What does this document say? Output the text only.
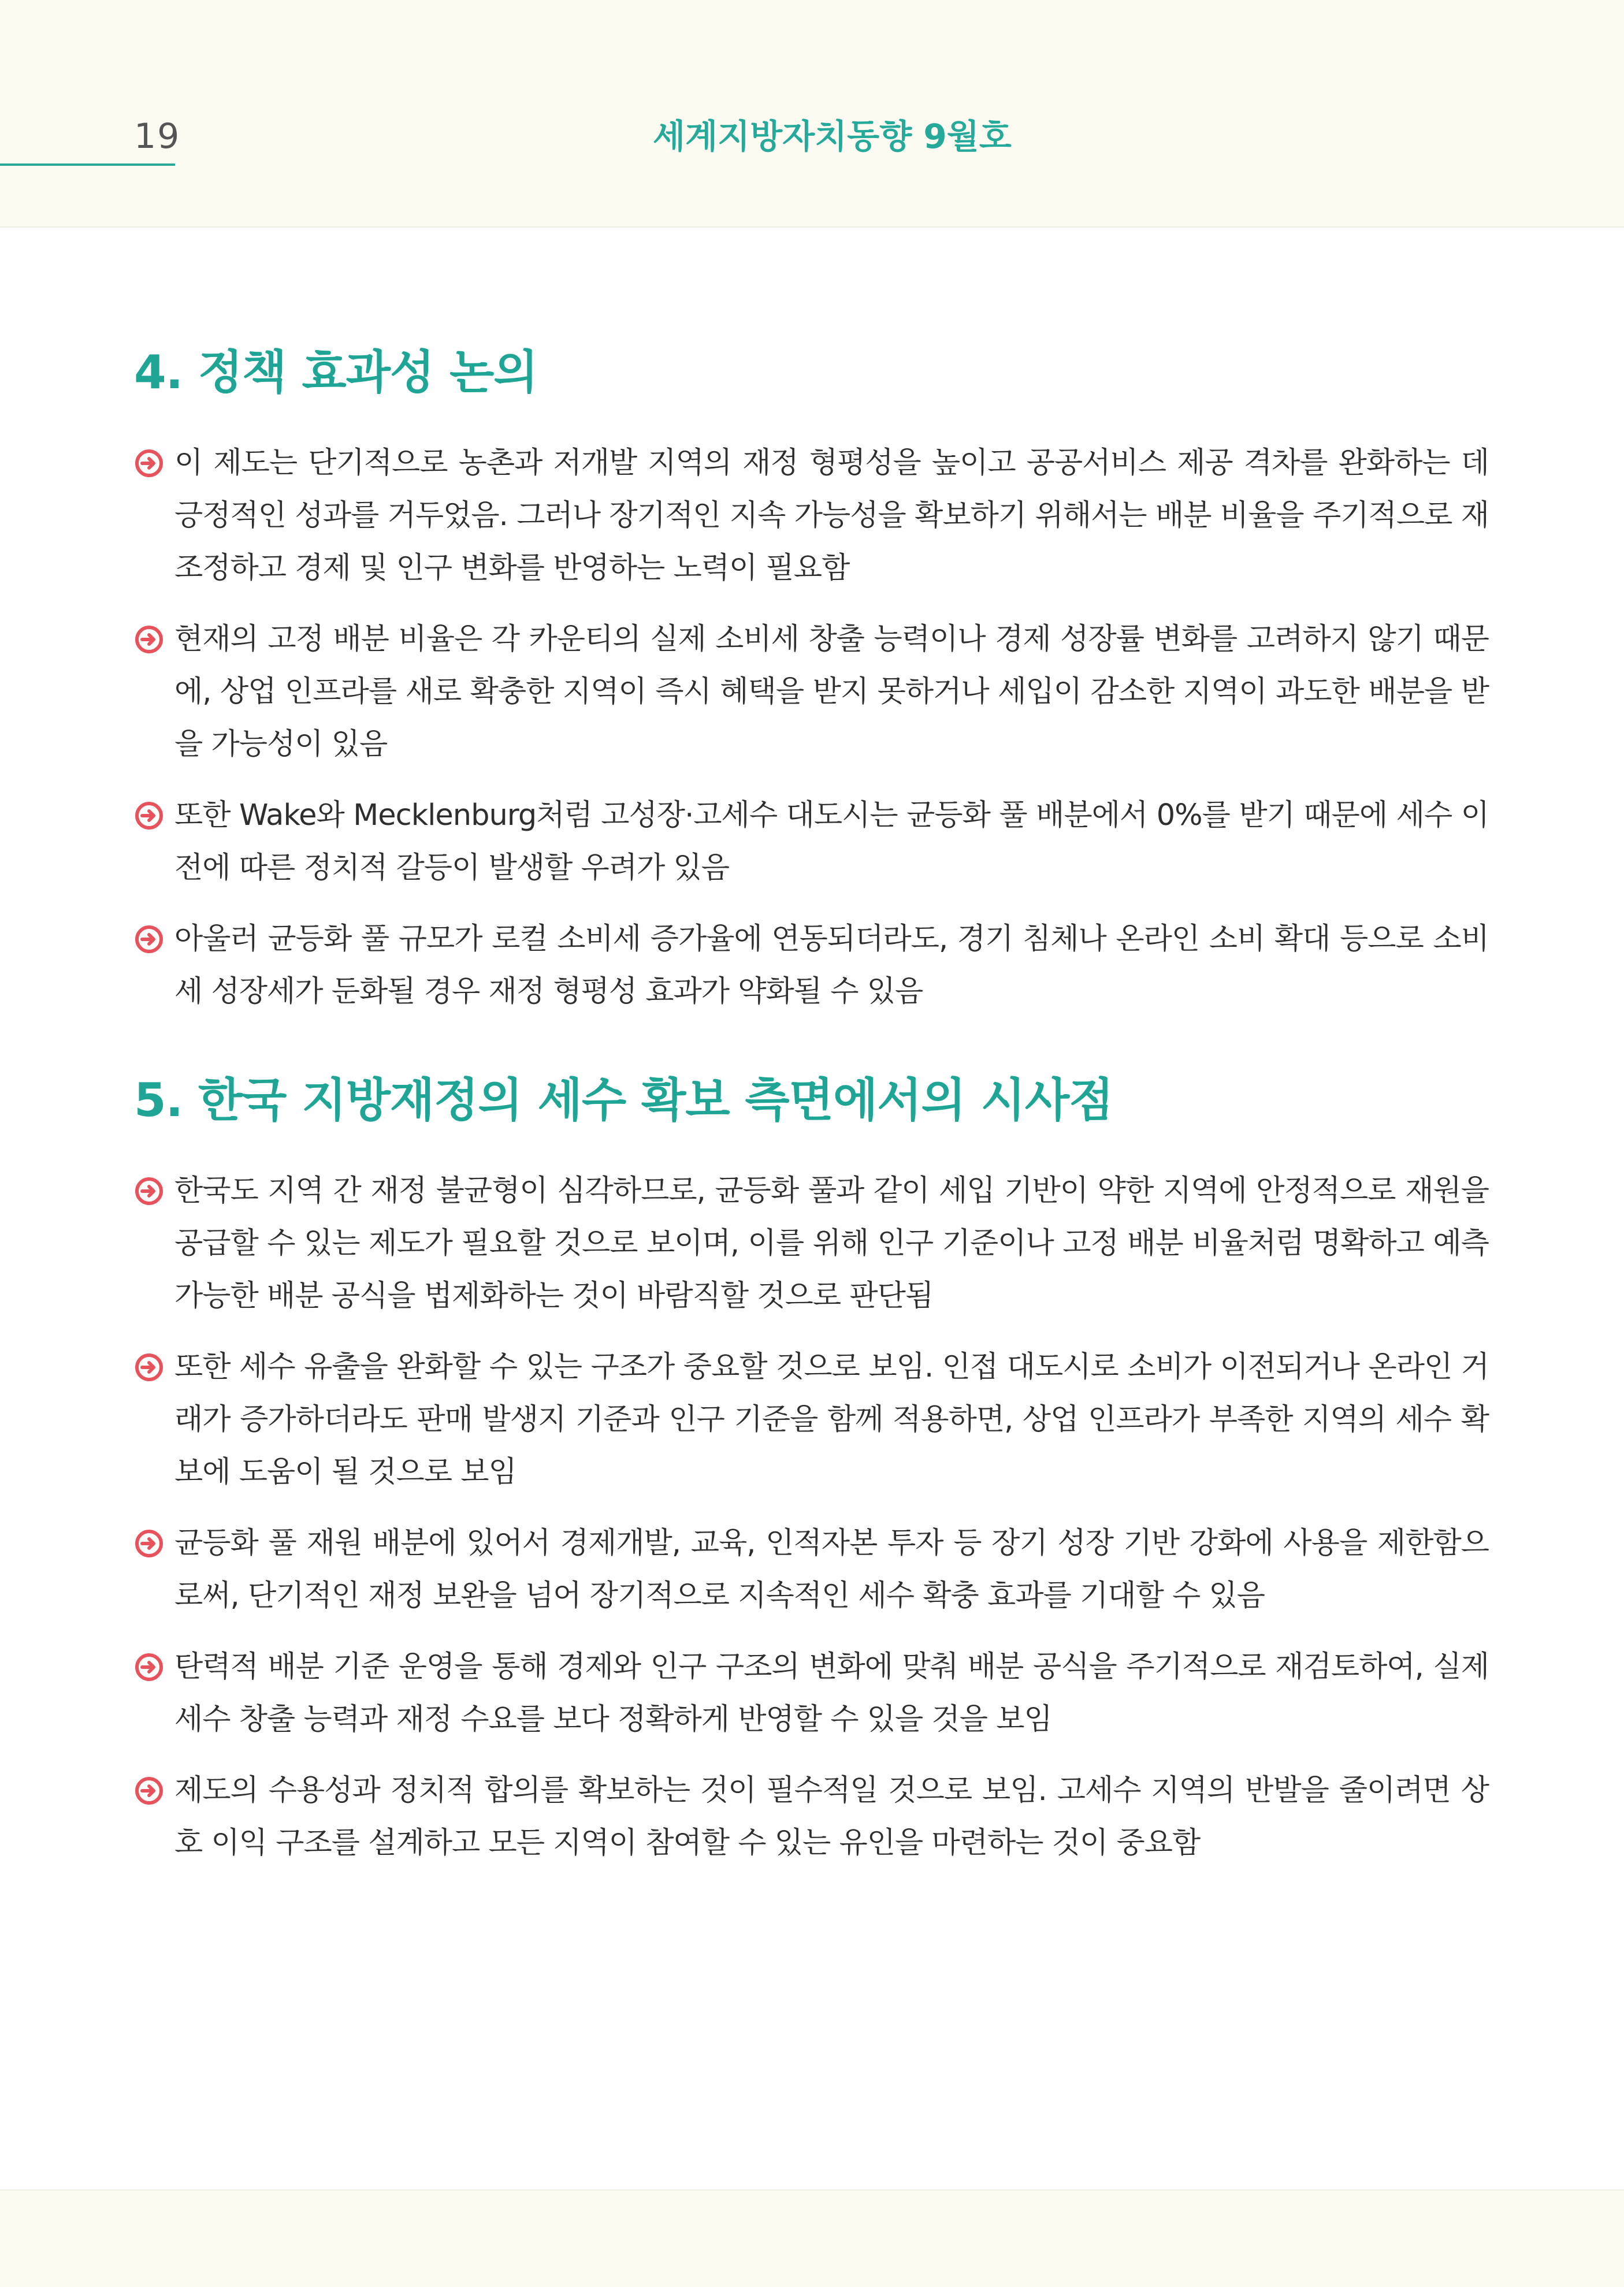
19	세계지방자치동향 9월호
4. 정책 효과성 논의
이 제도는 단기적으로 농촌과 저개발 지역의 재정 형평성을 높이고 공공서비스 제공 격차를 완화하는 데 긍정적인 성과를 거두었음. 그러나 장기적인 지속 가능성을 확보하기 위해서는 배분 비율을 주기적으로 재조정하고 경제 및 인구 변화를 반영하는 노력이 필요함
현재의 고정 배분 비율은 각 카운티의 실제 소비세 창출 능력이나 경제 성장률 변화를 고려하지 않기 때문에, 상업 인프라를 새로 확충한 지역이 즉시 혜택을 받지 못하거나 세입이 감소한 지역이 과도한 배분을 받을 가능성이 있음
또한 Wake와 Mecklenburg처럼 고성장·고세수 대도시는 균등화 풀 배분에서 0%를 받기 때문에 세수 이전에 따른 정치적 갈등이 발생할 우려가 있음
아울러 균등화 풀 규모가 로컬 소비세 증가율에 연동되더라도, 경기 침체나 온라인 소비 확대 등으로 소비세 성장세가 둔화될 경우 재정 형평성 효과가 약화될 수 있음
5. 한국 지방재정의 세수 확보 측면에서의 시사점
한국도 지역 간 재정 불균형이 심각하므로, 균등화 풀과 같이 세입 기반이 약한 지역에 안정적으로 재원을 공급할 수 있는 제도가 필요할 것으로 보이며, 이를 위해 인구 기준이나 고정 배분 비율처럼 명확하고 예측 가능한 배분 공식을 법제화하는 것이 바람직할 것으로 판단됨
또한 세수 유출을 완화할 수 있는 구조가 중요할 것으로 보임. 인접 대도시로 소비가 이전되거나 온라인 거래가 증가하더라도 판매 발생지 기준과 인구 기준을 함께 적용하면, 상업 인프라가 부족한 지역의 세수 확보에 도움이 될 것으로 보임
균등화 풀 재원 배분에 있어서 경제개발, 교육, 인적자본 투자 등 장기 성장 기반 강화에 사용을 제한함으로써, 단기적인 재정 보완을 넘어 장기적으로 지속적인 세수 확충 효과를 기대할 수 있음
탄력적 배분 기준 운영을 통해 경제와 인구 구조의 변화에 맞춰 배분 공식을 주기적으로 재검토하여, 실제 세수 창출 능력과 재정 수요를 보다 정확하게 반영할 수 있을 것을 보임
제도의 수용성과 정치적 합의를 확보하는 것이 필수적일 것으로 보임. 고세수 지역의 반발을 줄이려면 상호 이익 구조를 설계하고 모든 지역이 참여할 수 있는 유인을 마련하는 것이 중요함
